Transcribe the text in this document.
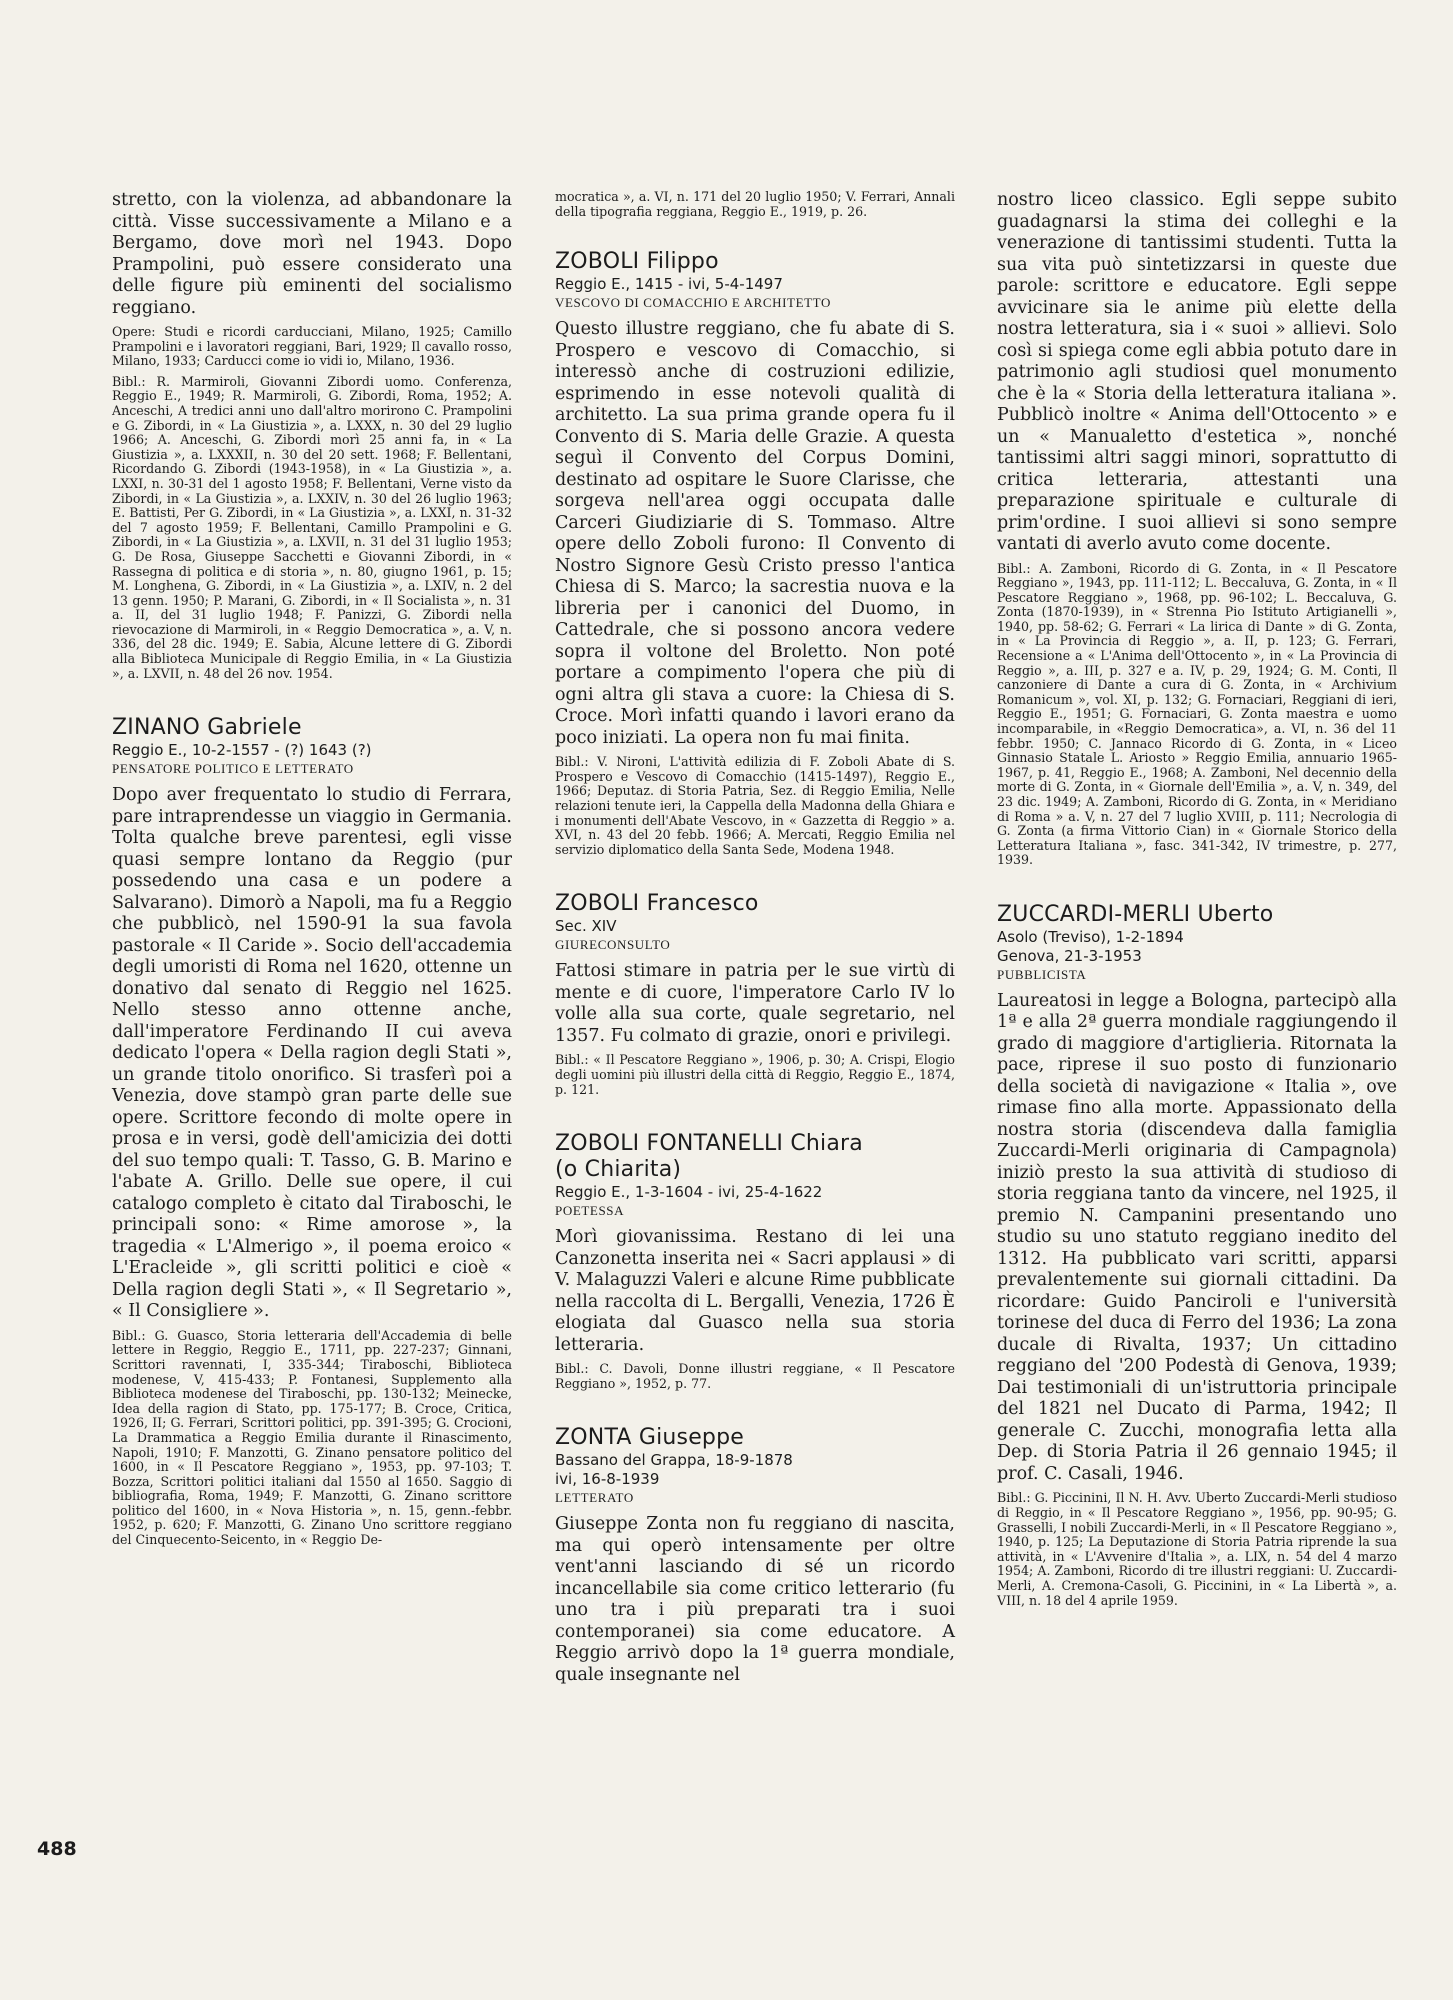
stretto, con la violenza, ad abbandonare la città. Visse successivamente a Milano e a Bergamo, dove morì nel 1943. Dopo Prampolini, può essere considerato una delle figure più eminenti del socialismo reggiano.

Opere: Studi e ricordi carducciani, Milano, 1925; Camillo Prampolini e i lavoratori reggiani, Bari, 1929; Il cavallo rosso, Milano, 1933; Carducci come io vidi io, Milano, 1936.

Bibl.: R. Marmiroli, Giovanni Zibordi uomo. Conferenza, Reggio E., 1949; R. Marmiroli, G. Zibordi, Roma, 1952; A. Anceschi, A tredici anni uno dall'altro morirono C. Prampolini e G. Zibordi, in « La Giustizia », a. LXXX, n. 30 del 29 luglio 1966; A. Anceschi, G. Zibordi morì 25 anni fa, in « La Giustizia », a. LXXXII, n. 30 del 20 sett. 1968; F. Bellentani, Ricordando G. Zibordi (1943-1958), in « La Giustizia », a. LXXI, n. 30-31 del 1 agosto 1958; F. Bellentani, Verne visto da Zibordi, in « La Giustizia », a. LXXIV, n. 30 del 26 luglio 1963; E. Battisti, Per G. Zibordi, in « La Giustizia », a. LXXI, n. 31-32 del 7 agosto 1959; F. Bellentani, Camillo Prampolini e G. Zibordi, in « La Giustizia », a. LXVII, n. 31 del 31 luglio 1953; G. De Rosa, Giuseppe Sacchetti e Giovanni Zibordi, in « Rassegna di politica e di storia », n. 80, giugno 1961, p. 15; M. Longhena, G. Zibordi, in « La Giustizia », a. LXIV, n. 2 del 13 genn. 1950; P. Marani, G. Zibordi, in « Il Socialista », n. 31 a. II, del 31 luglio 1948; F. Panizzi, G. Zibordi nella rievocazione di Marmiroli, in « Reggio Democratica », a. V, n. 336, del 28 dic. 1949; E. Sabia, Alcune lettere di G. Zibordi alla Biblioteca Municipale di Reggio Emilia, in « La Giustizia », a. LXVII, n. 48 del 26 nov. 1954.

ZINANO Gabriele

Reggio E., 10-2-1557 - (?) 1643 (?)

PENSATORE POLITICO E LETTERATO

Dopo aver frequentato lo studio di Ferrara, pare intraprendesse un viaggio in Germania. Tolta qualche breve parentesi, egli visse quasi sempre lontano da Reggio (pur possedendo una casa e un podere a Salvarano). Dimorò a Napoli, ma fu a Reggio che pubblicò, nel 1590-91 la sua favola pastorale « Il Caride ». Socio dell'accademia degli umoristi di Roma nel 1620, ottenne un donativo dal senato di Reggio nel 1625. Nello stesso anno ottenne anche, dall'imperatore Ferdinando II cui aveva dedicato l'opera « Della ragion degli Stati », un grande titolo onorifico. Si trasferì poi a Venezia, dove stampò gran parte delle sue opere. Scrittore fecondo di molte opere in prosa e in versi, godè dell'amicizia dei dotti del suo tempo quali: T. Tasso, G. B. Marino e l'abate A. Grillo. Delle sue opere, il cui catalogo completo è citato dal Tiraboschi, le principali sono: « Rime amorose », la tragedia « L'Almerigo », il poema eroico « L'Eracleide », gli scritti politici e cioè « Della ragion degli Stati », « Il Segretario », « Il Consigliere ».

Bibl.: G. Guasco, Storia letteraria dell'Accademia di belle lettere in Reggio, Reggio E., 1711, pp. 227-237; Ginnani, Scrittori ravennati, I, 335-344; Tiraboschi, Biblioteca modenese, V, 415-433; P. Fontanesi, Supplemento alla Biblioteca modenese del Tiraboschi, pp. 130-132; Meinecke, Idea della ragion di Stato, pp. 175-177; B. Croce, Critica, 1926, II; G. Ferrari, Scrittori politici, pp. 391-395; G. Crocioni, La Drammatica a Reggio Emilia durante il Rinascimento, Napoli, 1910; F. Manzotti, G. Zinano pensatore politico del 1600, in « Il Pescatore Reggiano », 1953, pp. 97-103; T. Bozza, Scrittori politici italiani dal 1550 al 1650. Saggio di bibliografia, Roma, 1949; F. Manzotti, G. Zinano scrittore politico del 1600, in « Nova Historia », n. 15, genn.-febbr. 1952, p. 620; F. Manzotti, G. Zinano Uno scrittore reggiano del Cinquecento-Seicento, in « Reggio De-

mocratica », a. VI, n. 171 del 20 luglio 1950; V. Ferrari, Annali della tipografia reggiana, Reggio E., 1919, p. 26.

ZOBOLI Filippo

Reggio E., 1415 - ivi, 5-4-1497

VESCOVO DI COMACCHIO E ARCHITETTO

Questo illustre reggiano, che fu abate di S. Prospero e vescovo di Comacchio, si interessò anche di costruzioni edilizie, esprimendo in esse notevoli qualità di architetto. La sua prima grande opera fu il Convento di S. Maria delle Grazie. A questa seguì il Convento del Corpus Domini, destinato ad ospitare le Suore Clarisse, che sorgeva nell'area oggi occupata dalle Carceri Giudiziarie di S. Tommaso. Altre opere dello Zoboli furono: Il Convento di Nostro Signore Gesù Cristo presso l'antica Chiesa di S. Marco; la sacrestia nuova e la libreria per i canonici del Duomo, in Cattedrale, che si possono ancora vedere sopra il voltone del Broletto. Non poté portare a compimento l'opera che più di ogni altra gli stava a cuore: la Chiesa di S. Croce. Morì infatti quando i lavori erano da poco iniziati. La opera non fu mai finita.

Bibl.: V. Nironi, L'attività edilizia di F. Zoboli Abate di S. Prospero e Vescovo di Comacchio (1415-1497), Reggio E., 1966; Deputaz. di Storia Patria, Sez. di Reggio Emilia, Nelle relazioni tenute ieri, la Cappella della Madonna della Ghiara e i monumenti dell'Abate Vescovo, in « Gazzetta di Reggio » a. XVI, n. 43 del 20 febb. 1966; A. Mercati, Reggio Emilia nel servizio diplomatico della Santa Sede, Modena 1948.

ZOBOLI Francesco

Sec. XIV

GIURECONSULTO

Fattosi stimare in patria per le sue virtù di mente e di cuore, l'imperatore Carlo IV lo volle alla sua corte, quale segretario, nel 1357. Fu colmato di grazie, onori e privilegi.

Bibl.: « Il Pescatore Reggiano », 1906, p. 30; A. Crispi, Elogio degli uomini più illustri della città di Reggio, Reggio E., 1874, p. 121.

ZOBOLI FONTANELLI Chiara

(o Chiarita)

Reggio E., 1-3-1604 - ivi, 25-4-1622

POETESSA

Morì giovanissima. Restano di lei una Canzonetta inserita nei « Sacri applausi » di V. Malaguzzi Valeri e alcune Rime pubblicate nella raccolta di L. Bergalli, Venezia, 1726 È elogiata dal Guasco nella sua storia letteraria.

Bibl.: C. Davoli, Donne illustri reggiane, « Il Pescatore Reggiano », 1952, p. 77.

ZONTA Giuseppe

Bassano del Grappa, 18-9-1878

ivi, 16-8-1939

LETTERATO

Giuseppe Zonta non fu reggiano di nascita, ma qui operò intensamente per oltre vent'anni lasciando di sé un ricordo incancellabile sia come critico letterario (fu uno tra i più preparati tra i suoi contemporanei) sia come educatore. A Reggio arrivò dopo la 1ª guerra mondiale, quale insegnante nel

nostro liceo classico. Egli seppe subito guadagnarsi la stima dei colleghi e la venerazione di tantissimi studenti. Tutta la sua vita può sintetizzarsi in queste due parole: scrittore e educatore. Egli seppe avvicinare sia le anime più elette della nostra letteratura, sia i « suoi » allievi. Solo così si spiega come egli abbia potuto dare in patrimonio agli studiosi quel monumento che è la « Storia della letteratura italiana ». Pubblicò inoltre « Anima dell'Ottocento » e un « Manualetto d'estetica », nonché tantissimi altri saggi minori, soprattutto di critica letteraria, attestanti una preparazione spirituale e culturale di prim'ordine. I suoi allievi si sono sempre vantati di averlo avuto come docente.

Bibl.: A. Zamboni, Ricordo di G. Zonta, in « Il Pescatore Reggiano », 1943, pp. 111-112; L. Beccaluva, G. Zonta, in « Il Pescatore Reggiano », 1968, pp. 96-102; L. Beccaluva, G. Zonta (1870-1939), in « Strenna Pio Istituto Artigianelli », 1940, pp. 58-62; G. Ferrari « La lirica di Dante » di G. Zonta, in « La Provincia di Reggio », a. II, p. 123; G. Ferrari, Recensione a « L'Anima dell'Ottocento », in « La Provincia di Reggio », a. III, p. 327 e a. IV, p. 29, 1924; G. M. Conti, Il canzoniere di Dante a cura di G. Zonta, in « Archivium Romanicum », vol. XI, p. 132; G. Fornaciari, Reggiani di ieri, Reggio E., 1951; G. Fornaciari, G. Zonta maestra e uomo incomparabile, in «Reggio Democratica», a. VI, n. 36 del 11 febbr. 1950; C. Jannaco Ricordo di G. Zonta, in « Liceo Ginnasio Statale L. Ariosto » Reggio Emilia, annuario 1965-1967, p. 41, Reggio E., 1968; A. Zamboni, Nel decennio della morte di G. Zonta, in « Giornale dell'Emilia », a. V, n. 349, del 23 dic. 1949; A. Zamboni, Ricordo di G. Zonta, in « Meridiano di Roma » a. V, n. 27 del 7 luglio XVIII, p. 111; Necrologia di G. Zonta (a firma Vittorio Cian) in « Giornale Storico della Letteratura Italiana », fasc. 341-342, IV trimestre, p. 277, 1939.

ZUCCARDI-MERLI Uberto

Asolo (Treviso), 1-2-1894

Genova, 21-3-1953

PUBBLICISTA

Laureatosi in legge a Bologna, partecipò alla 1ª e alla 2ª guerra mondiale raggiungendo il grado di maggiore d'artiglieria. Ritornata la pace, riprese il suo posto di funzionario della società di navigazione « Italia », ove rimase fino alla morte. Appassionato della nostra storia (discendeva dalla famiglia Zuccardi-Merli originaria di Campagnola) iniziò presto la sua attività di studioso di storia reggiana tanto da vincere, nel 1925, il premio N. Campanini presentando uno studio su uno statuto reggiano inedito del 1312. Ha pubblicato vari scritti, apparsi prevalentemente sui giornali cittadini. Da ricordare: Guido Panciroli e l'università torinese del duca di Ferro del 1936; La zona ducale di Rivalta, 1937; Un cittadino reggiano del '200 Podestà di Genova, 1939; Dai testimoniali di un'istruttoria principale del 1821 nel Ducato di Parma, 1942; Il generale C. Zucchi, monografia letta alla Dep. di Storia Patria il 26 gennaio 1945; il prof. C. Casali, 1946.

Bibl.: G. Piccinini, Il N. H. Avv. Uberto Zuccardi-Merli studioso di Reggio, in « Il Pescatore Reggiano », 1956, pp. 90-95; G. Grasselli, I nobili Zuccardi-Merli, in « Il Pescatore Reggiano », 1940, p. 125; La Deputazione di Storia Patria riprende la sua attività, in « L'Avvenire d'Italia », a. LIX, n. 54 del 4 marzo 1954; A. Zamboni, Ricordo di tre illustri reggiani: U. Zuccardi-Merli, A. Cremona-Casoli, G. Piccinini, in « La Libertà », a. VIII, n. 18 del 4 aprile 1959.

488
